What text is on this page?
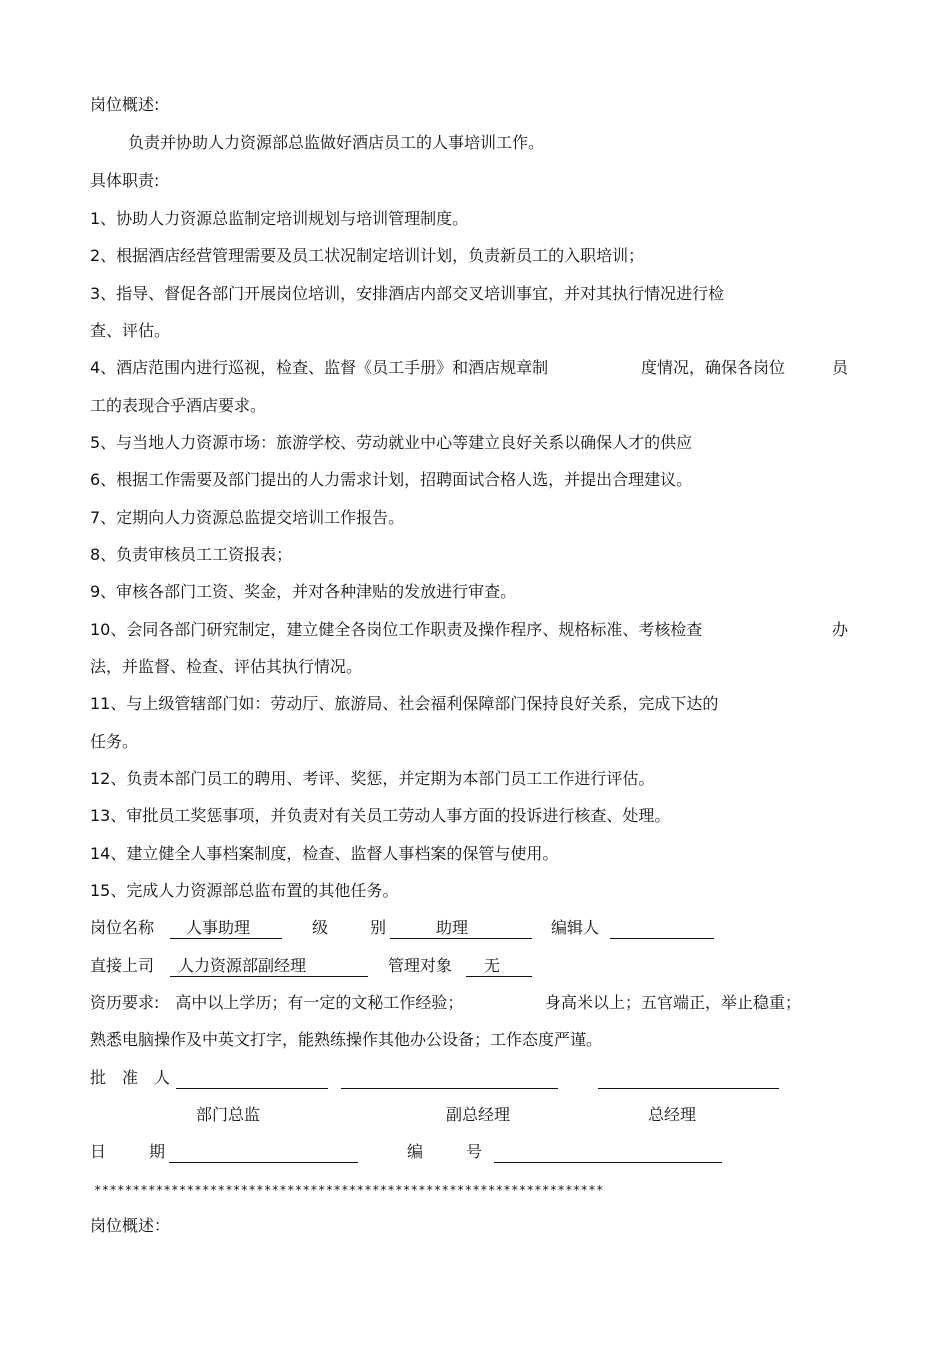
岗位概述:
负责并协助人力资源部总监做好酒店员工的人事培训工作。
具体职责:
1、协助人力资源总监制定培训规划与培训管理制度。
2、根据酒店经营管理需要及员工状况制定培训计划，负责新员工的入职培训；
3、指导、督促各部门开展岗位培训，安排酒店内部交叉培训事宜，并对其执行情况进行检
查、评估。
4、酒店范围内进行巡视，检查、监督《员工手册》和酒店规章制	度情况，确保各岗位	员
工的表现合乎酒店要求。
5、与当地人力资源市场：旅游学校、劳动就业中心等建立良好关系以确保人才的供应
6、根据工作需要及部门提出的人力需求计划，招聘面试合格人选，并提出合理建议。
7、定期向人力资源总监提交培训工作报告。
8、负责审核员工工资报表；
9、审核各部门工资、奖金，并对各种津贴的发放进行审查。
10、会同各部门研究制定，建立健全各岗位工作职责及操作程序、规格标准、考核检查	办
法，并监督、检查、评估其执行情况。
11、与上级管辖部门如：劳动厅、旅游局、社会福利保障部门保持良好关系，完成下达的
任务。
12、负责本部门员工的聘用、考评、奖惩，并定期为本部门员工工作进行评估。
13、审批员工奖惩事项，并负责对有关员工劳动人事方面的投诉进行核查、处理。
14、建立健全人事档案制度，检查、监督人事档案的保管与使用。
15、完成人力资源部总监布置的其他任务。
岗位名称	人事助理	级	别	助理	编辑人
直接上司	人力资源部副经理	管理对象	无
资历要求:　高中以上学历；有一定的文秘工作经验；	身高米以上；五官端正，举止稳重；
熟悉电脑操作及中英文打字，能熟练操作其他办公设备；工作态度严谨。
批　准　人
部门总监	副总经理	总经理
日	期	编	号
******************************************************************
岗位概述：
